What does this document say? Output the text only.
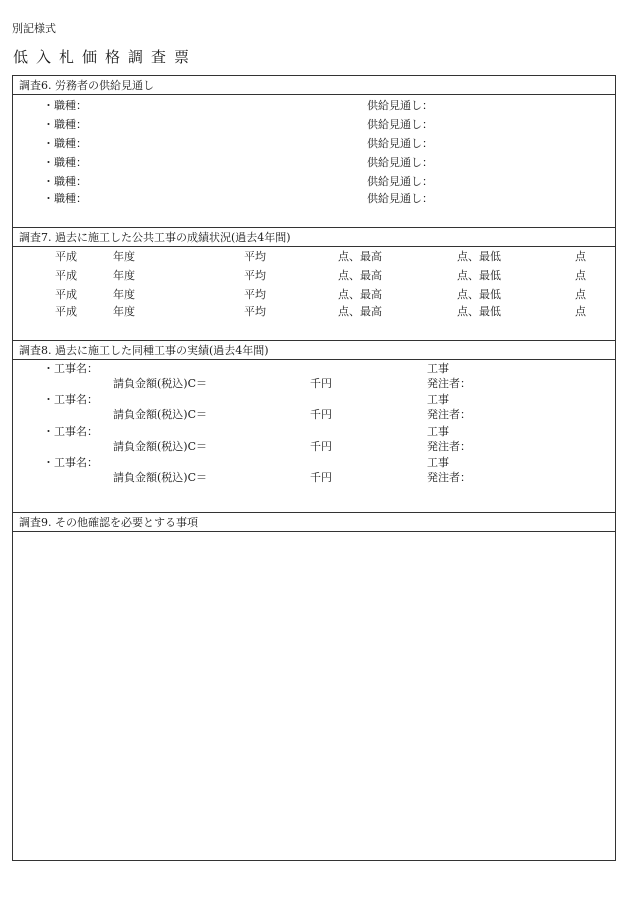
別記様式
低入札価格調査票
調査6. 労務者の供給見通し
・職種：	供給見通し：
・職種：	供給見通し：
・職種：	供給見通し：
・職種：	供給見通し：
・職種：	供給見通し：
・職種：	供給見通し：
調査7. 過去に施工した公共工事の成績状況(過去4年間)
平成	年度	平均	点、最高	点、最低	点
平成	年度	平均	点、最高	点、最低	点
平成	年度	平均	点、最高	点、最低	点
平成	年度	平均	点、最高	点、最低	点
調査8. 過去に施工した同種工事の実績(過去4年間)
・工事名：	工事
請負金額(税込)C＝	千円	発注者：
・工事名：	工事
請負金額(税込)C＝	千円	発注者：
・工事名：	工事
請負金額(税込)C＝	千円	発注者：
・工事名：	工事
請負金額(税込)C＝	千円	発注者：
調査9. その他確認を必要とする事項
